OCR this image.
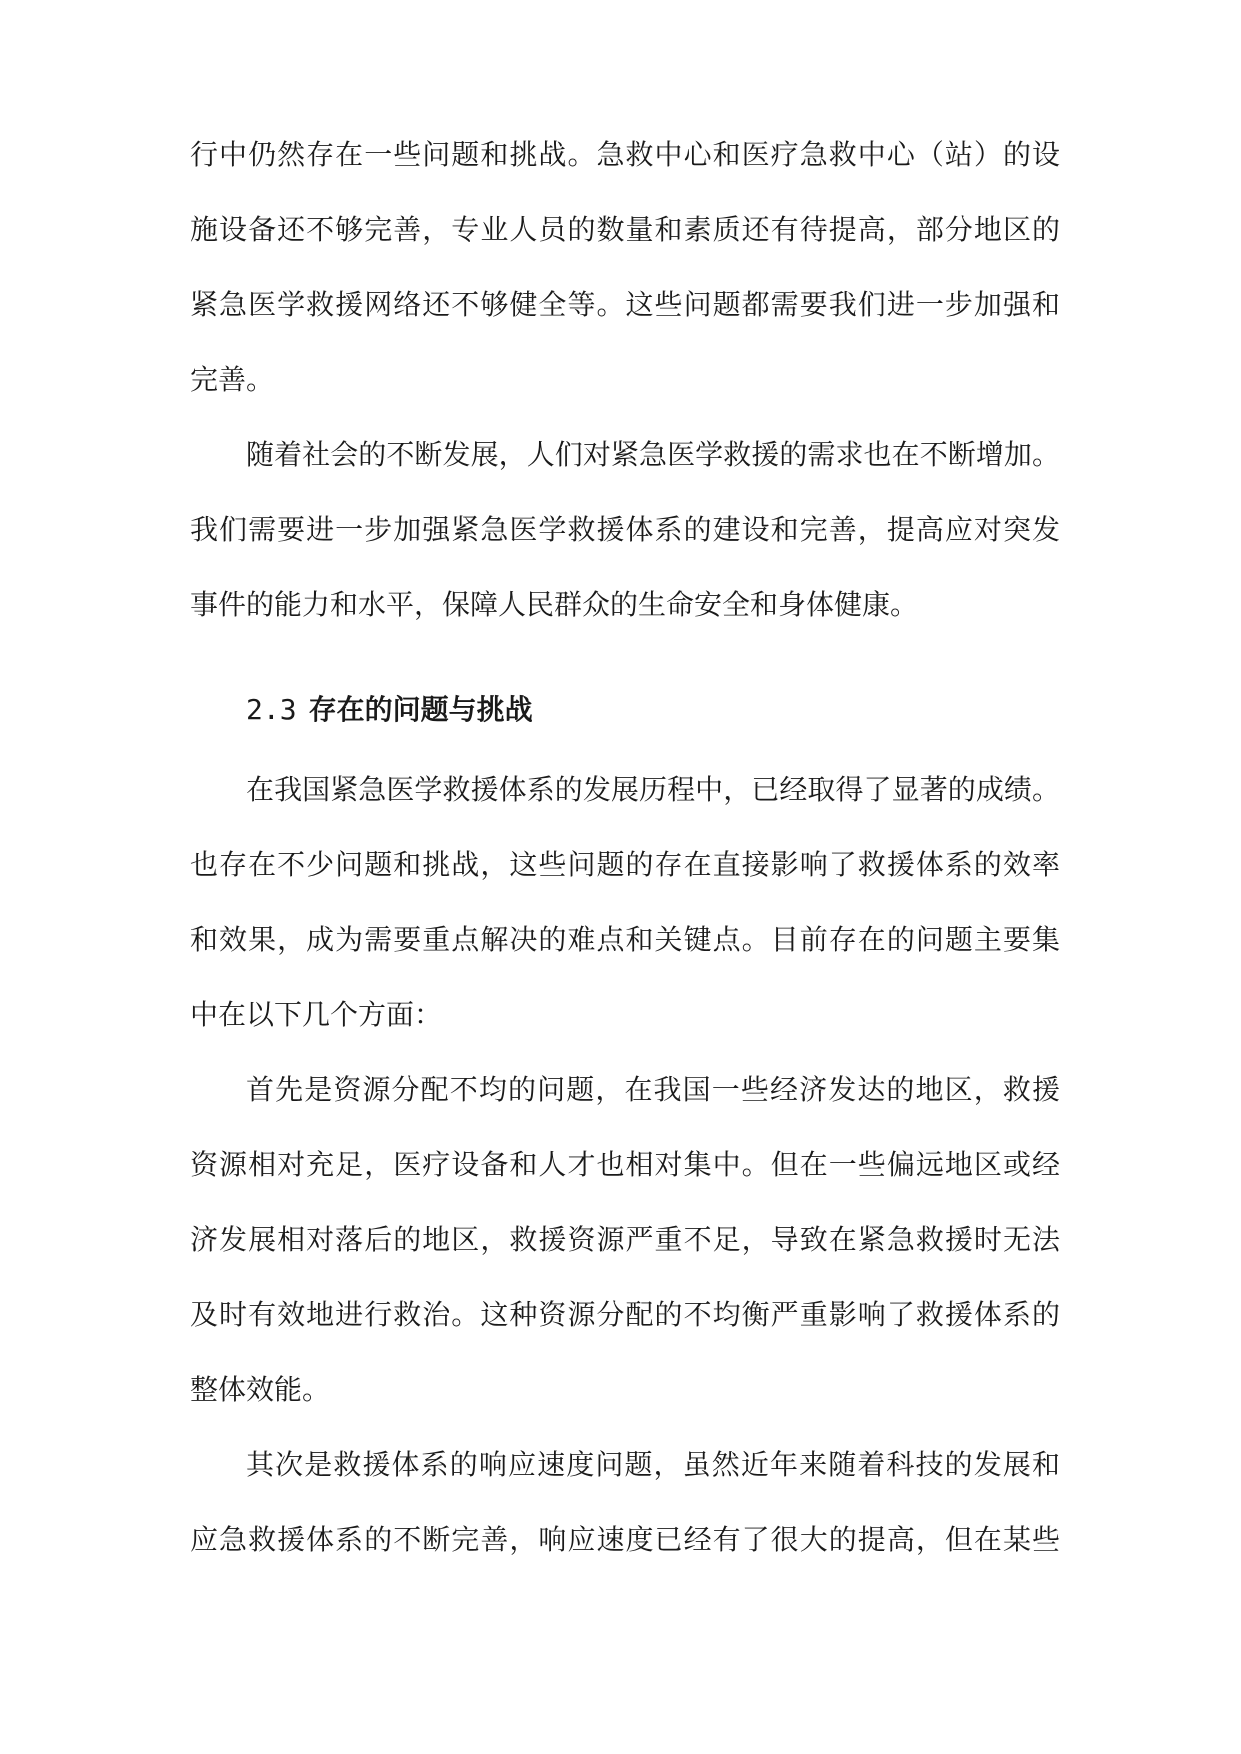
行中仍然存在一些问题和挑战。急救中心和医疗急救中心（站）的设
施设备还不够完善，专业人员的数量和素质还有待提高，部分地区的
紧急医学救援网络还不够健全等。这些问题都需要我们进一步加强和
完善。
随着社会的不断发展，人们对紧急医学救援的需求也在不断增加。
我们需要进一步加强紧急医学救援体系的建设和完善，提高应对突发
事件的能力和水平，保障人民群众的生命安全和身体健康。
2.3 存在的问题与挑战
在我国紧急医学救援体系的发展历程中，已经取得了显著的成绩。
也存在不少问题和挑战，这些问题的存在直接影响了救援体系的效率
和效果，成为需要重点解决的难点和关键点。目前存在的问题主要集
中在以下几个方面：
首先是资源分配不均的问题，在我国一些经济发达的地区，救援
资源相对充足，医疗设备和人才也相对集中。但在一些偏远地区或经
济发展相对落后的地区，救援资源严重不足，导致在紧急救援时无法
及时有效地进行救治。这种资源分配的不均衡严重影响了救援体系的
整体效能。
其次是救援体系的响应速度问题，虽然近年来随着科技的发展和
应急救援体系的不断完善，响应速度已经有了很大的提高，但在某些
